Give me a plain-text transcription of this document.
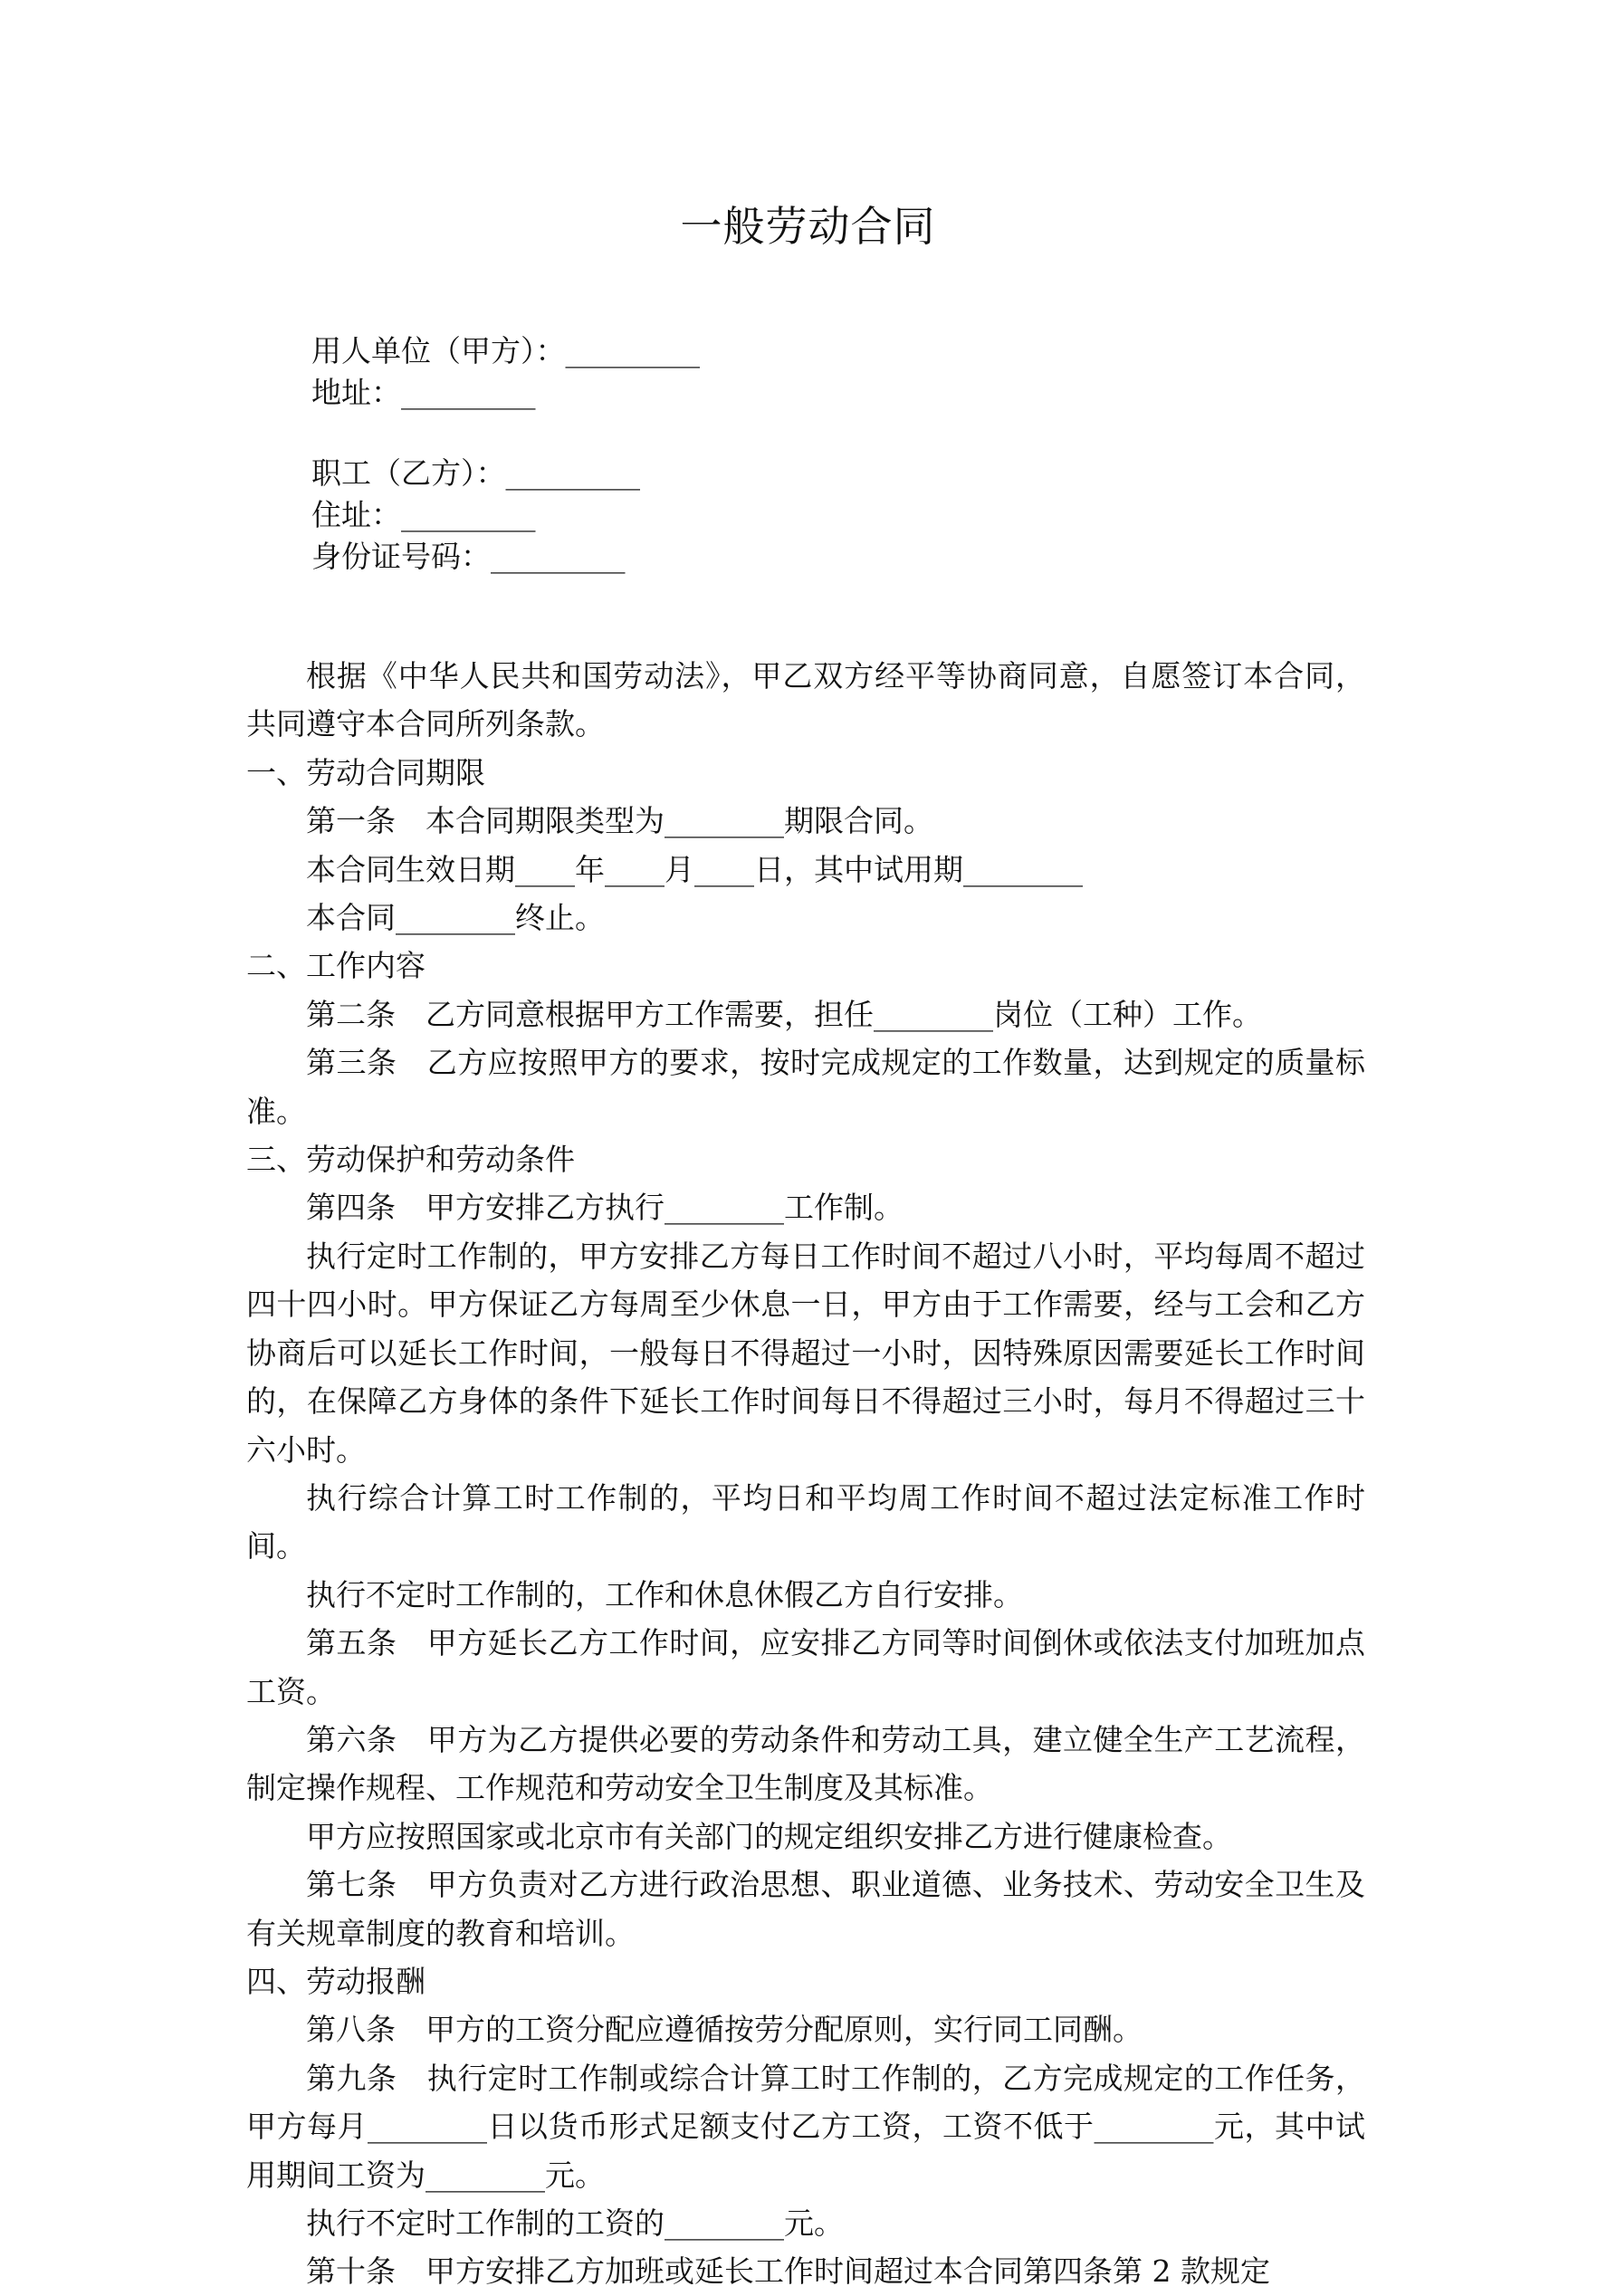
一般劳动合同
用人单位（甲方）：_________
地址：_________
职工（乙方）：_________
住址：_________
身份证号码：_________

根据《中华人民共和国劳动法》，甲乙双方经平等协商同意，自愿签订本合同，共同遵守本合同所列条款。

一、劳动合同期限

第一条　本合同期限类型为________期限合同。

本合同生效日期____年____月____日，其中试用期________

本合同________终止。

二、工作内容

第二条　乙方同意根据甲方工作需要，担任________岗位（工种）工作。

第三条　乙方应按照甲方的要求，按时完成规定的工作数量，达到规定的质量标准。

三、劳动保护和劳动条件

第四条　甲方安排乙方执行________工作制。

执行定时工作制的，甲方安排乙方每日工作时间不超过八小时，平均每周不超过四十四小时。甲方保证乙方每周至少休息一日，甲方由于工作需要，经与工会和乙方协商后可以延长工作时间，一般每日不得超过一小时，因特殊原因需要延长工作时间的，在保障乙方身体的条件下延长工作时间每日不得超过三小时，每月不得超过三十六小时。

执行综合计算工时工作制的，平均日和平均周工作时间不超过法定标准工作时间。

执行不定时工作制的，工作和休息休假乙方自行安排。

第五条　甲方延长乙方工作时间，应安排乙方同等时间倒休或依法支付加班加点工资。

第六条　甲方为乙方提供必要的劳动条件和劳动工具，建立健全生产工艺流程，制定操作规程、工作规范和劳动安全卫生制度及其标准。

甲方应按照国家或北京市有关部门的规定组织安排乙方进行健康检查。

第七条　甲方负责对乙方进行政治思想、职业道德、业务技术、劳动安全卫生及有关规章制度的教育和培训。

四、劳动报酬

第八条　甲方的工资分配应遵循按劳分配原则，实行同工同酬。

第九条　执行定时工作制或综合计算工时工作制的，乙方完成规定的工作任务，甲方每月________日以货币形式足额支付乙方工资，工资不低于________元，其中试用期间工资为________元。

执行不定时工作制的工资的________元。

第十条　甲方安排乙方加班或延长工作时间超过本合同第四条第 2 款规定
